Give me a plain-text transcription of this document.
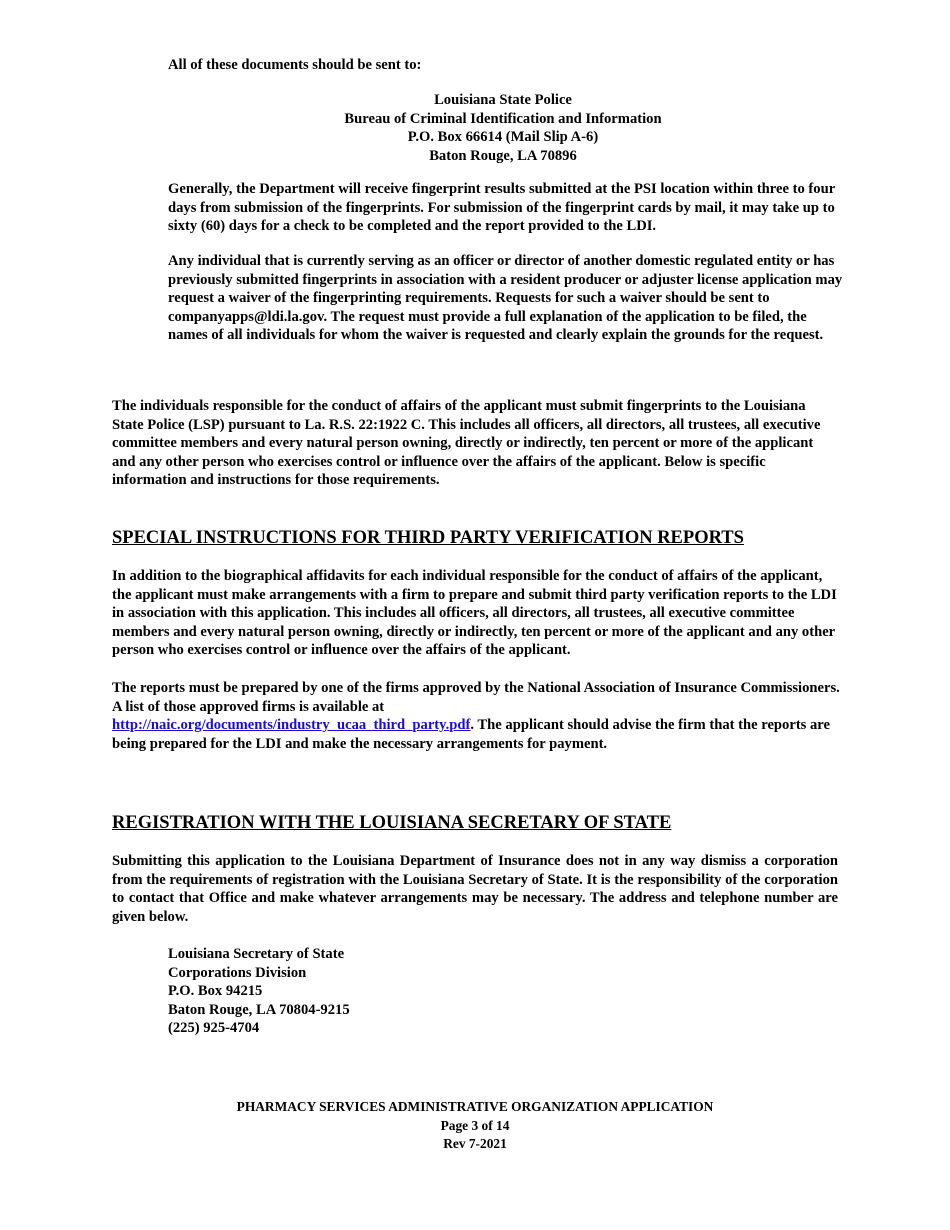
All of these documents should be sent to:

Louisiana State Police
Bureau of Criminal Identification and Information
P.O. Box 66614 (Mail Slip A-6)
Baton Rouge, LA 70896

Generally, the Department will receive fingerprint results submitted at the PSI location within three to four days from submission of the fingerprints. For submission of the fingerprint cards by mail, it may take up to sixty (60) days for a check to be completed and the report provided to the LDI.

Any individual that is currently serving as an officer or director of another domestic regulated entity or has previously submitted fingerprints in association with a resident producer or adjuster license application may request a waiver of the fingerprinting requirements. Requests for such a waiver should be sent to companyapps@ldi.la.gov. The request must provide a full explanation of the application to be filed, the names of all individuals for whom the waiver is requested and clearly explain the grounds for the request.

The individuals responsible for the conduct of affairs of the applicant must submit fingerprints to the Louisiana State Police (LSP) pursuant to La. R.S. 22:1922 C. This includes all officers, all directors, all trustees, all executive committee members and every natural person owning, directly or indirectly, ten percent or more of the applicant and any other person who exercises control or influence over the affairs of the applicant. Below is specific information and instructions for those requirements.

SPECIAL INSTRUCTIONS FOR THIRD PARTY VERIFICATION REPORTS

In addition to the biographical affidavits for each individual responsible for the conduct of affairs of the applicant, the applicant must make arrangements with a firm to prepare and submit third party verification reports to the LDI in association with this application. This includes all officers, all directors, all trustees, all executive committee members and every natural person owning, directly or indirectly, ten percent or more of the applicant and any other person who exercises control or influence over the affairs of the applicant.

The reports must be prepared by one of the firms approved by the National Association of Insurance Commissioners. A list of those approved firms is available at
http://naic.org/documents/industry_ucaa_third_party.pdf. The applicant should advise the firm that the reports are being prepared for the LDI and make the necessary arrangements for payment.

REGISTRATION WITH THE LOUISIANA SECRETARY OF STATE

Submitting this application to the Louisiana Department of Insurance does not in any way dismiss a corporation from the requirements of registration with the Louisiana Secretary of State. It is the responsibility of the corporation to contact that Office and make whatever arrangements may be necessary. The address and telephone number are given below.

Louisiana Secretary of State
Corporations Division
P.O. Box 94215
Baton Rouge, LA 70804-9215
(225) 925-4704
PHARMACY SERVICES ADMINISTRATIVE ORGANIZATION APPLICATION
Page 3 of 14
Rev 7-2021
